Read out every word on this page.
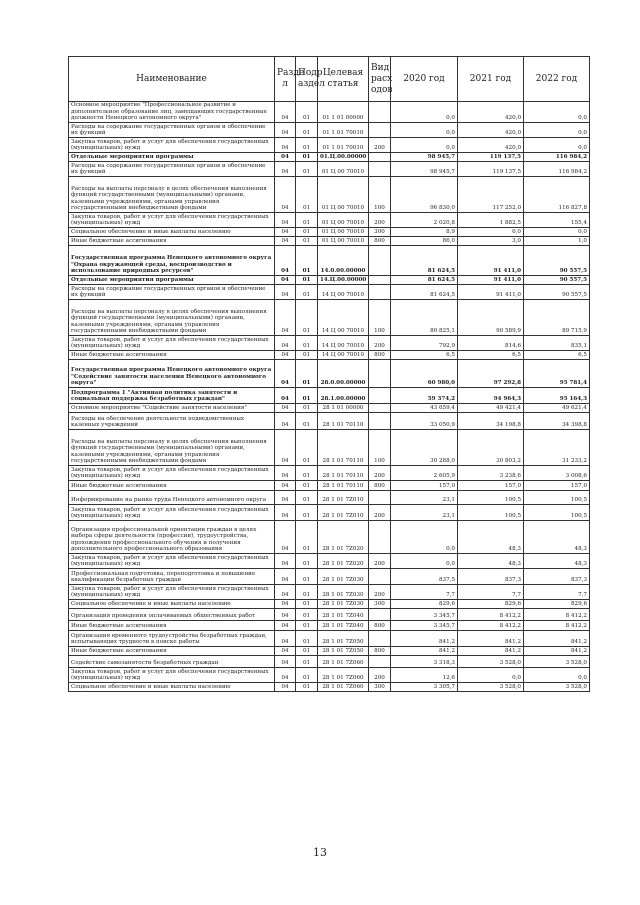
Наименование	Разде л	Подр аздел	Целевая статья	Вид расх одов	2020 год	2021 год	2022 год
Основное мероприятие "Профессиональное развитие и дополнительное образование лиц, замещающих государственные должности Ненецкого автономного округа"	04	01	01 1 01 00000		0,0	420,0	0,0
Расходы на содержание государственных органов и обеспечение их функций	04	01	01 1 01 70010		0,0	420,0	0,0
Закупка товаров, работ и услуг для обеспечения государственных (муниципальных) нужд	04	01	01 1 01 70010	200	0,0	420,0	0,0
Отдельные мероприятия программы	04	01	01.Ц.00.00000		98 945,7	119 137,5	116 984,2
Расходы на содержание государственных органов и обеспечение их функций	04	01	01 Ц 00 70010		98 945,7	119 137,5	116 984,2
Расходы на выплаты персоналу в целях обеспечения выполнения функций государственными (муниципальными) органами, казенными учреждениями, органами управления государственными внебюджетными фондами	04	01	01 Ц 00 70010	100	96 830,0	117 252,0	116 827,8
Закупка товаров, работ и услуг для обеспечения государственных (муниципальных) нужд	04	01	01 Ц 00 70010	200	2 020,8	1 882,5	155,4
Социальное обеспечение и иные выплаты населению	04	01	01 Ц 00 70010	300	8,9	0,0	0,0
Иные бюджетные ассигнования	04	01	01 Ц 00 70010	800	86,0	3,0	1,0
Государственная программа Ненецкого автономного округа "Охрана окружающей среды, воспроизводство и использование природных ресурсов"	04	01	14.0.00.00000		81 624,5	91 411,0	90 557,5
Отдельные мероприятия программы	04	01	14.Ц.00.00000		81 624,5	91 411,0	90 557,5
Расходы на содержание государственных органов и обеспечение их функций	04	01	14 Ц 00 70010		81 624,5	91 411,0	90 557,5
Расходы на выплаты персоналу в целях обеспечения выполнения функций государственными (муниципальными) органами, казенными учреждениями, органами управления государственными внебюджетными фондами	04	01	14 Ц 00 70010	100	80 825,1	90 589,9	89 715,9
Закупка товаров, работ и услуг для обеспечения государственных (муниципальных) нужд	04	01	14 Ц 00 70010	200	792,9	814,6	835,1
Иные бюджетные ассигнования	04	01	14 Ц 00 70010	800	6,5	6,5	6,5
Государственная программа Ненецкого автономного округа "Содействие занятости населения Ненецкого автономного округа"	04	01	28.0.00.00000		60 980,0	97 292,8	95 781,4
Подпрограмма 1 "Активная политика занятости и социальная поддержка безработных граждан"	04	01	28.1.00.00000		59 374,2	94 964,3	95 164,3
Основное мероприятие "Содействие занятости населения"	04	01	28 1 01 00000		43 659,4	49 421,4	49 621,4
Расходы на обеспечение деятельности подведомственных казенных учреждений	04	01	28 1 01 70110		33 050,9	34 198,8	34 398,8
Расходы на выплаты персоналу в целях обеспечения выполнения функций государственными (муниципальными) органами, казенными учреждениями, органами управления государственными внебюджетными фондами	04	01	28 1 01 70110	100	30 288,0	30 803,2	31 233,2
Закупка товаров, работ и услуг для обеспечения государственных (муниципальных) нужд	04	01	28 1 01 70110	200	2 605,9	3 238,6	3 008,6
Иные бюджетные ассигнования	04	01	28 1 01 70110	800	157,0	157,0	157,0
Информирование на рынке труда Ненецкого автономного округа	04	01	28 1 01 7Z010		23,1	100,5	100,5
Закупка товаров, работ и услуг для обеспечения государственных (муниципальных) нужд	04	01	28 1 01 7Z010	200	23,1	100,5	100,5
Организация профессиональной ориентации граждан в целях выбора сферы деятельности (профессии), трудоустройства, прохождения профессионального обучения и получения дополнительного профессионального образования	04	01	28 1 01 7Z020		0,0	48,3	48,3
Закупка товаров, работ и услуг для обеспечения государственных (муниципальных) нужд	04	01	28 1 01 7Z020	200	0,0	48,3	48,3
Профессиональная подготовка, переподготовка и повышение квалификации безработных граждан	04	01	28 1 01 7Z030		837,5	837,3	837,3
Закупка товаров, работ и услуг для обеспечения государственных (муниципальных) нужд	04	01	28 1 01 7Z030	200	7,7	7,7	7,7
Социальное обеспечение и иные выплаты населению	04	01	28 1 01 7Z030	300	829,6	829,6	829,6
Организация проведения оплачиваемых общественных работ	04	01	28 1 01 7Z040		3 345,7	8 412,2	8 412,2
Иные бюджетные ассигнования	04	01	28 1 01 7Z040	800	3 345,7	8 412,2	8 412,2
Организация временного трудоустройства безработных граждан, испытывающих трудности в поиске работы	04	01	28 1 01 7Z050		841,2	841,2	841,2
Иные бюджетные ассигнования	04	01	28 1 01 7Z050	800	841,2	841,2	841,2
Содействие самозанятости безработных граждан	04	01	28 1 01 7Z060		3 318,3	3 528,0	3 528,0
Закупка товаров, работ и услуг для обеспечения государственных (муниципальных) нужд	04	01	28 1 01 7Z060	200	12,6	0,0	0,0
Социальное обеспечение и иные выплаты населению	04	01	28 1 01 7Z060	300	3 305,7	3 528,0	3 528,0
13
